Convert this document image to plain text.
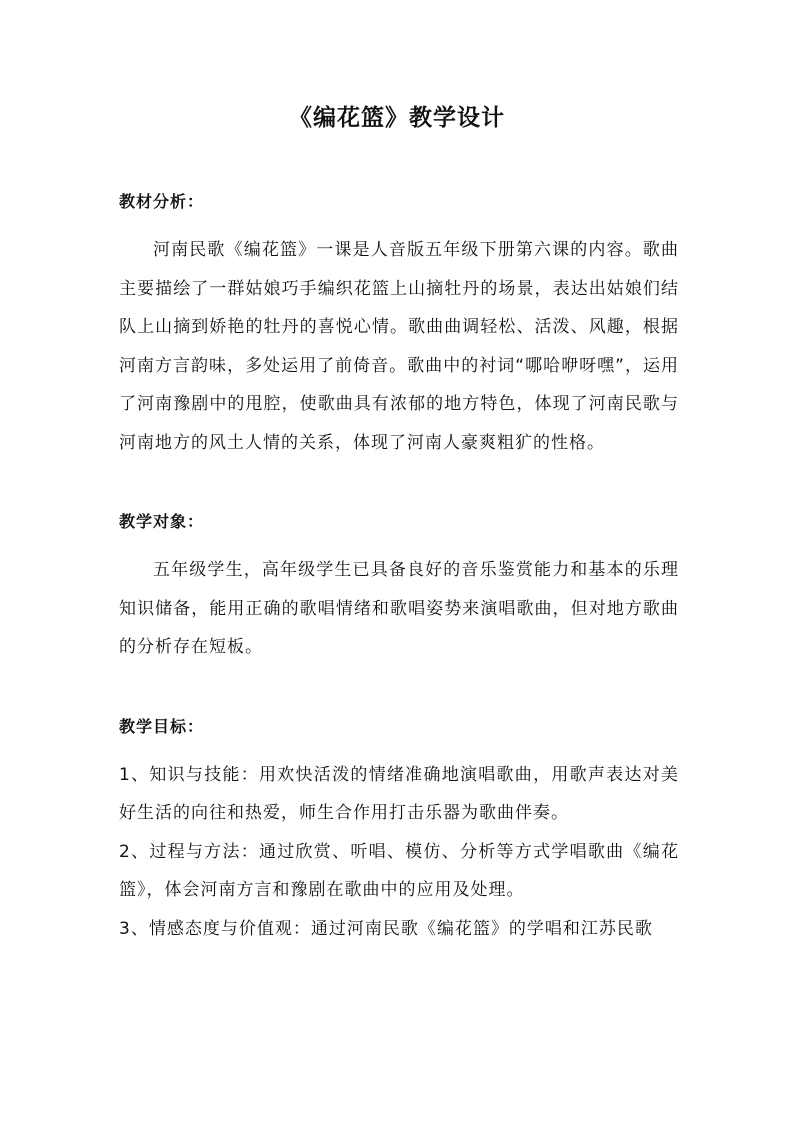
《编花篮》教学设计
教材分析：

河南民歌《编花篮》一课是人音版五年级下册第六课的内容。歌曲主要描绘了一群姑娘巧手编织花篮上山摘牡丹的场景，表达出姑娘们结队上山摘到娇艳的牡丹的喜悦心情。歌曲曲调轻松、活泼、风趣，根据河南方言韵味，多处运用了前倚音。歌曲中的衬词“哪哈咿呀嘿”，运用了河南豫剧中的甩腔，使歌曲具有浓郁的地方特色，体现了河南民歌与河南地方的风土人情的关系，体现了河南人豪爽粗犷的性格。

教学对象：

五年级学生，高年级学生已具备良好的音乐鉴赏能力和基本的乐理知识储备，能用正确的歌唱情绪和歌唱姿势来演唱歌曲，但对地方歌曲的分析存在短板。

教学目标：

1、知识与技能：用欢快活泼的情绪准确地演唱歌曲，用歌声表达对美好生活的向往和热爱，师生合作用打击乐器为歌曲伴奏。

2、过程与方法：通过欣赏、听唱、模仿、分析等方式学唱歌曲《编花篮》，体会河南方言和豫剧在歌曲中的应用及处理。

3、情感态度与价值观：通过河南民歌《编花篮》的学唱和江苏民歌
